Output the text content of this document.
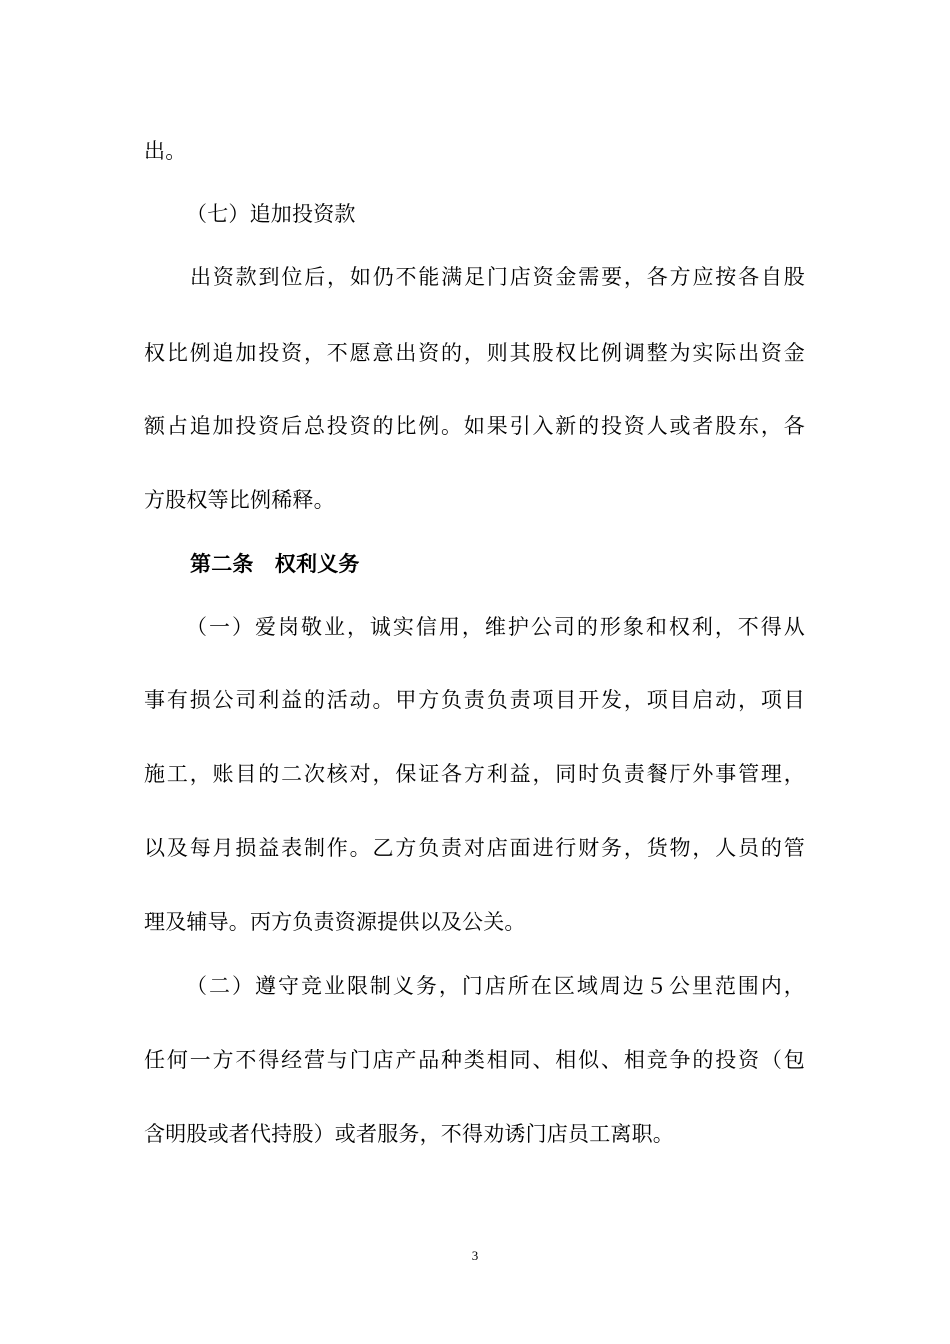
出。
（七）追加投资款
出资款到位后，如仍不能满足门店资金需要，各方应按各自股
权比例追加投资，不愿意出资的，则其股权比例调整为实际出资金
额占追加投资后总投资的比例。如果引入新的投资人或者股东，各
方股权等比例稀释。
第二条　权利义务
（一）爱岗敬业，诚实信用，维护公司的形象和权利，不得从
事有损公司利益的活动。甲方负责负责项目开发，项目启动，项目
施工，账目的二次核对，保证各方利益，同时负责餐厅外事管理，
以及每月损益表制作。乙方负责对店面进行财务，货物，人员的管
理及辅导。丙方负责资源提供以及公关。
（二）遵守竞业限制义务，门店所在区域周边５公里范围内，
任何一方不得经营与门店产品种类相同、相似、相竞争的投资（包
含明股或者代持股）或者服务，不得劝诱门店员工离职。
3
